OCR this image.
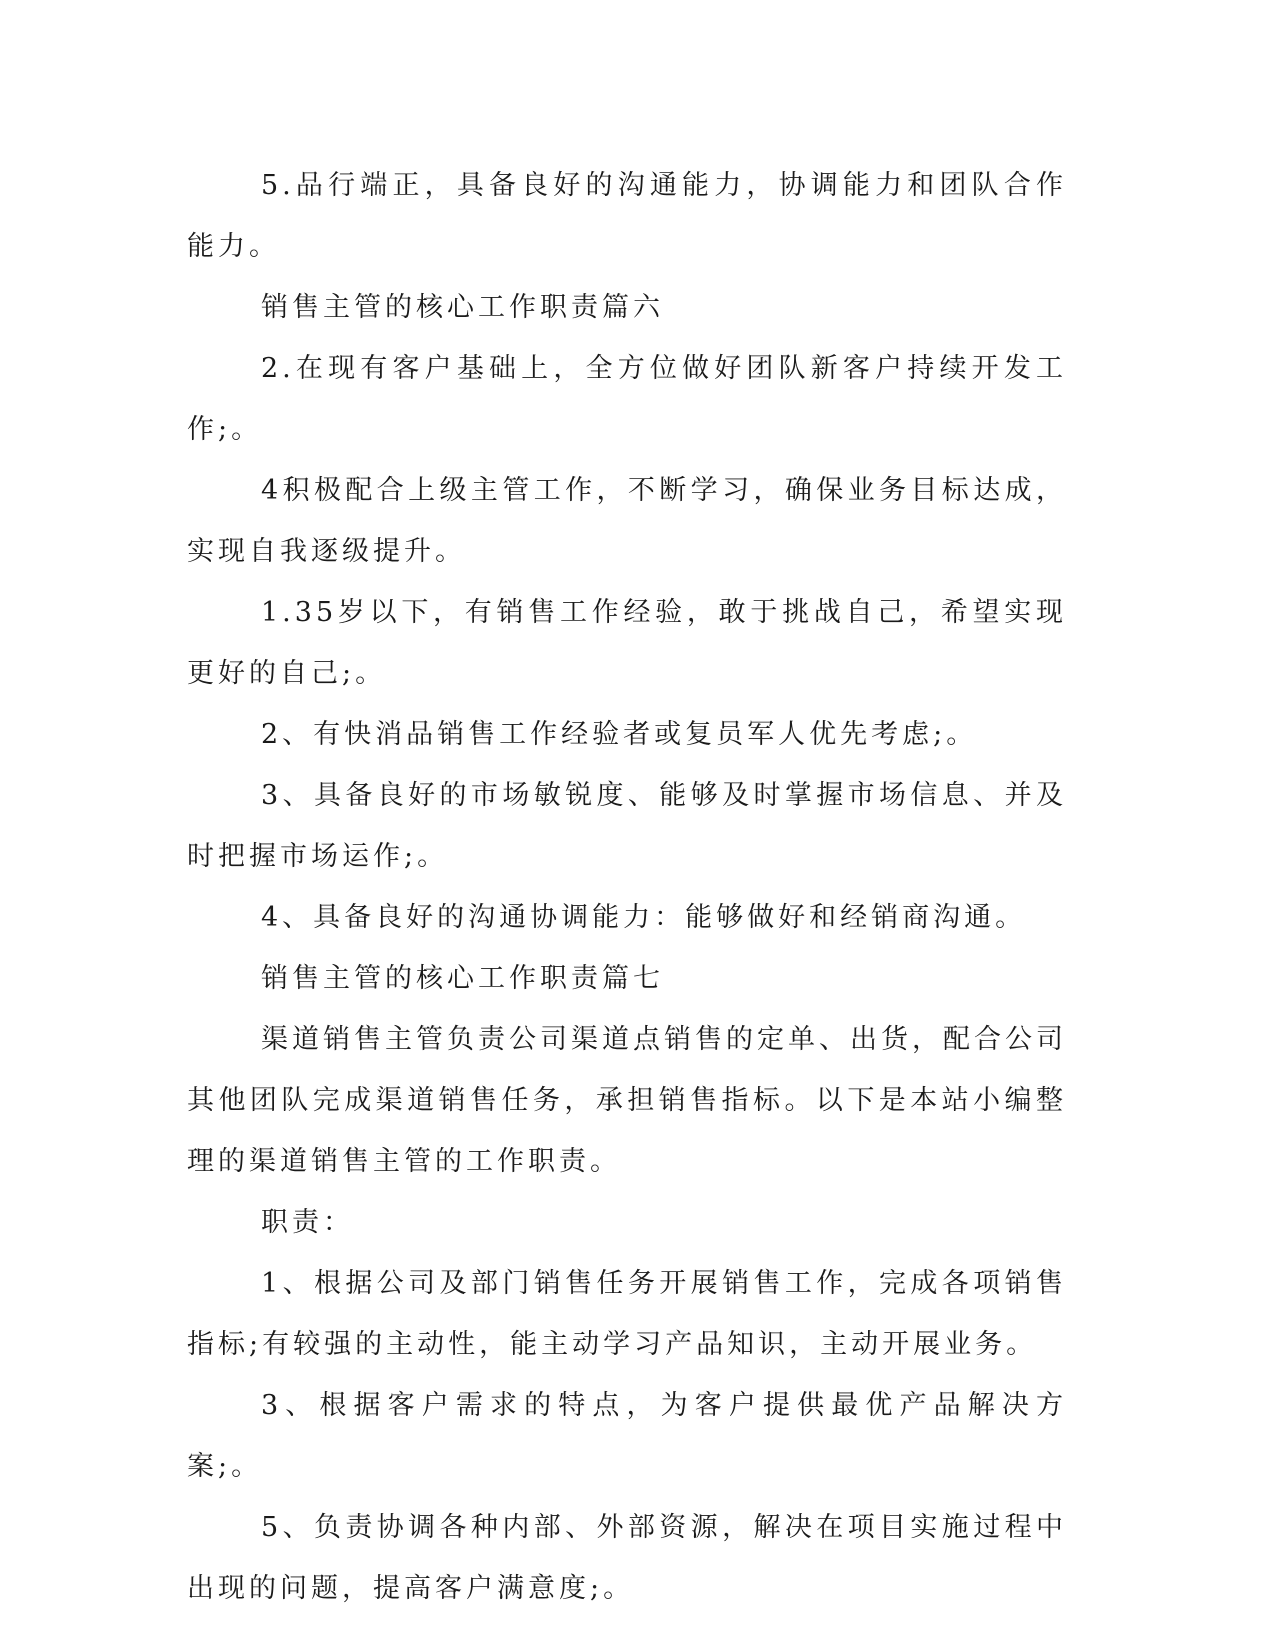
5.品行端正，具备良好的沟通能力，协调能力和团队合作能力。

销售主管的核心工作职责篇六

2.在现有客户基础上，全方位做好团队新客户持续开发工作;。

4积极配合上级主管工作，不断学习，确保业务目标达成，实现自我逐级提升。

1.35岁以下，有销售工作经验，敢于挑战自己，希望实现更好的自己;。

2、有快消品销售工作经验者或复员军人优先考虑;。

3、具备良好的市场敏锐度、能够及时掌握市场信息、并及时把握市场运作;。

4、具备良好的沟通协调能力：能够做好和经销商沟通。

销售主管的核心工作职责篇七

渠道销售主管负责公司渠道点销售的定单、出货，配合公司其他团队完成渠道销售任务，承担销售指标。以下是本站小编整理的渠道销售主管的工作职责。

职责：

1、根据公司及部门销售任务开展销售工作，完成各项销售指标;有较强的主动性，能主动学习产品知识，主动开展业务。

3、根据客户需求的特点，为客户提供最优产品解决方案;。

5、负责协调各种内部、外部资源，解决在项目实施过程中出现的问题，提高客户满意度;。
